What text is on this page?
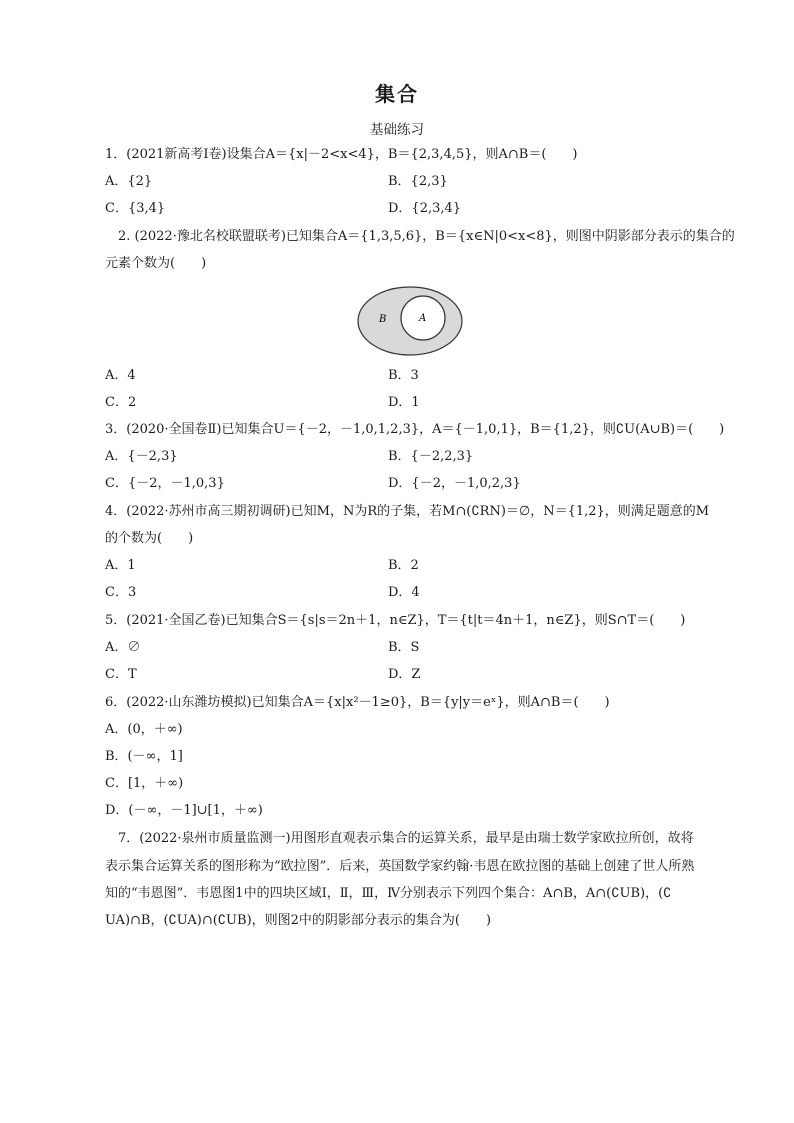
集合
基础练习
1．(2021新高考Ⅰ卷)设集合A＝{x|－2<x<4}，B＝{2,3,4,5}，则A∩B＝(　　)
A．{2}	B．{2,3}
C．{3,4}	D．{2,3,4}
2. (2022·豫北名校联盟联考)已知集合A＝{1,3,5,6}，B＝{x∈N|0<x<8}，则图中阴影部分表示的集合的
元素个数为(　　)
B	A
A．4	B．3
C．2	D．1
3．(2020·全国卷Ⅱ)已知集合U＝{－2，－1,0,1,2,3}，A＝{－1,0,1}，B＝{1,2}，则∁U(A∪B)＝(　　)
A．{－2,3}	B．{－2,2,3}
C．{－2，－1,0,3}	D．{－2，－1,0,2,3}
4．(2022·苏州市高三期初调研)已知M，N为R的子集，若M∩(∁RN)＝∅，N＝{1,2}，则满足题意的M
的个数为(　　)
A．1	B．2
C．3	D．4
5．(2021·全国乙卷)已知集合S＝{s|s＝2n＋1，n∈Z}，T＝{t|t＝4n＋1，n∈Z}，则S∩T＝(　　)
A．∅	B．S
C．T	D．Z
6．(2022·山东潍坊模拟)已知集合A＝{x|x²－1≥0}，B＝{y|y＝eˣ}，则A∩B＝(　　)
A．(0，＋∞)
B．(－∞，1]
C．[1，＋∞)
D．(－∞，－1]∪[1，＋∞)
7．(2022·泉州市质量监测一)用图形直观表示集合的运算关系，最早是由瑞士数学家欧拉所创，故将
表示集合运算关系的图形称为“欧拉图”．后来，英国数学家约翰·韦恩在欧拉图的基础上创建了世人所熟
知的“韦恩图”．韦恩图1中的四块区域Ⅰ，Ⅱ，Ⅲ，Ⅳ分别表示下列四个集合：A∩B，A∩(∁UB)，(∁
UA)∩B，(∁UA)∩(∁UB)，则图2中的阴影部分表示的集合为(　　)
